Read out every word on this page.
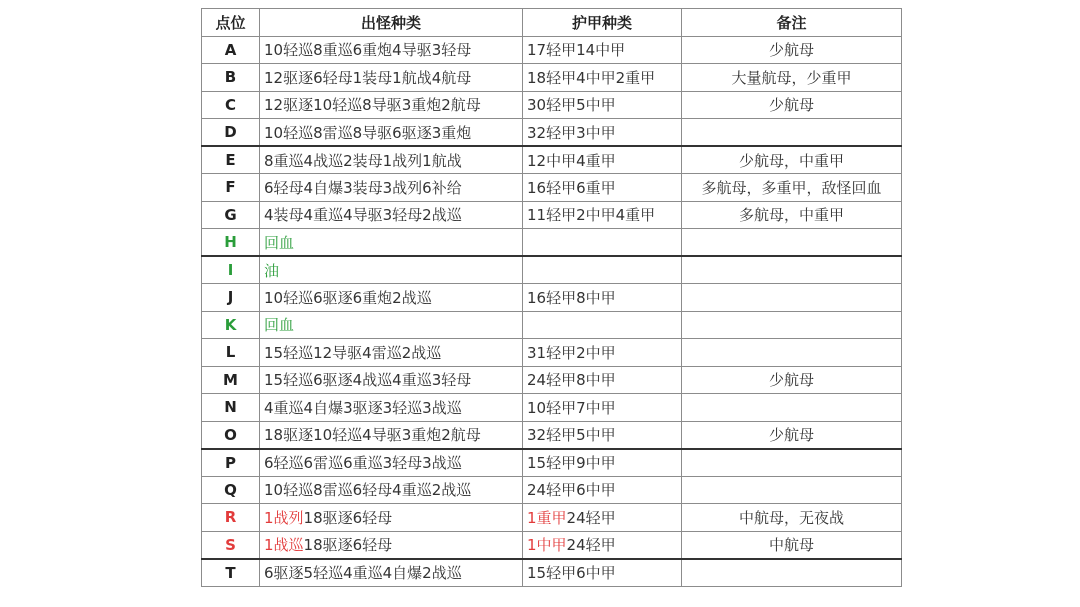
点位	出怪种类	护甲种类	备注
A	10轻巡8重巡6重炮4导驱3轻母	17轻甲14中甲	少航母
B	12驱逐6轻母1装母1航战4航母	18轻甲4中甲2重甲	大量航母，少重甲
C	12驱逐10轻巡8导驱3重炮2航母	30轻甲5中甲	少航母
D	10轻巡8雷巡8导驱6驱逐3重炮	32轻甲3中甲	
E	8重巡4战巡2装母1战列1航战	12中甲4重甲	少航母，中重甲
F	6轻母4自爆3装母3战列6补给	16轻甲6重甲	多航母，多重甲，敌怪回血
G	4装母4重巡4导驱3轻母2战巡	11轻甲2中甲4重甲	多航母，中重甲
H	回血		
I	油		
J	10轻巡6驱逐6重炮2战巡	16轻甲8中甲	
K	回血		
L	15轻巡12导驱4雷巡2战巡	31轻甲2中甲	
M	15轻巡6驱逐4战巡4重巡3轻母	24轻甲8中甲	少航母
N	4重巡4自爆3驱逐3轻巡3战巡	10轻甲7中甲	
O	18驱逐10轻巡4导驱3重炮2航母	32轻甲5中甲	少航母
P	6轻巡6雷巡6重巡3轻母3战巡	15轻甲9中甲	
Q	10轻巡8雷巡6轻母4重巡2战巡	24轻甲6中甲	
R	1战列18驱逐6轻母	1重甲24轻甲	中航母，无夜战
S	1战巡18驱逐6轻母	1中甲24轻甲	中航母
T	6驱逐5轻巡4重巡4自爆2战巡	15轻甲6中甲	
